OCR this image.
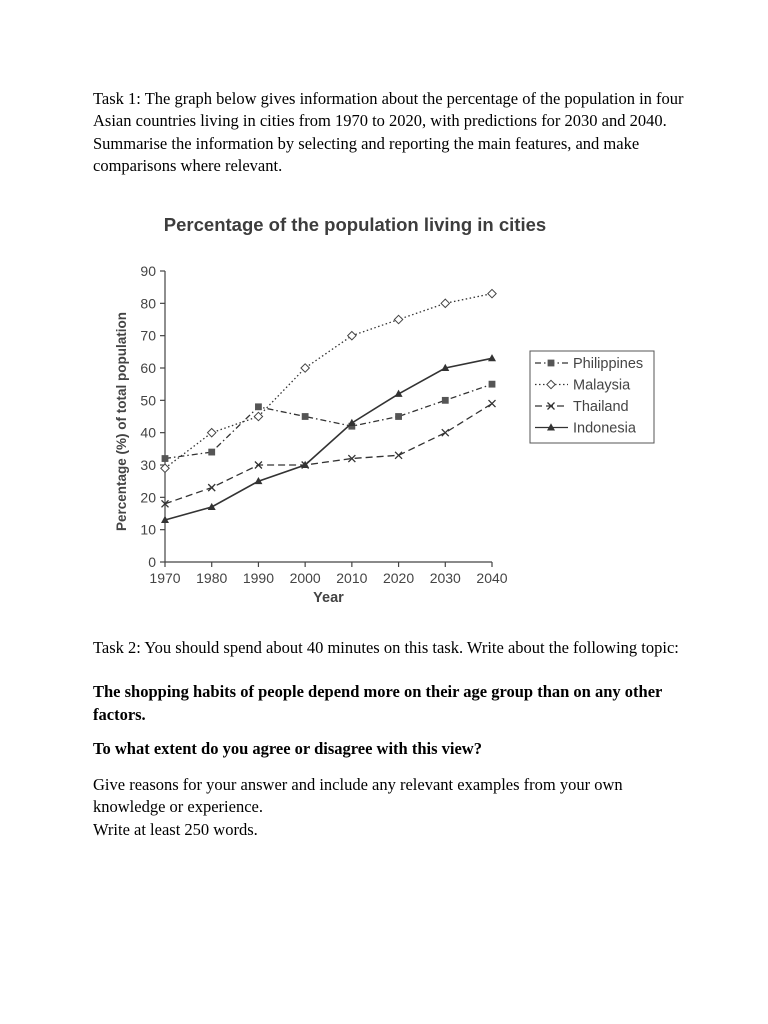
Task 1: The graph below gives information about the percentage of the population in four Asian countries living in cities from 1970 to 2020, with predictions for 2030 and 2040.

Summarise the information by selecting and reporting the main features, and make comparisons where relevant.

Percentage of the population living in cities
0
10
20
30
40
50
60
70
80
90
1970 1980 1990 2000 2010 2020 2030 2040
Year
Percentage (%) of total population	Philippines
Malaysia
Thailand
Indonesia

Task 2: You should spend about 40 minutes on this task. Write about the following topic:

The shopping habits of people depend more on their age group than on any other factors.

To what extent do you agree or disagree with this view?

Give reasons for your answer and include any relevant examples from your own knowledge or experience.

Write at least 250 words.
